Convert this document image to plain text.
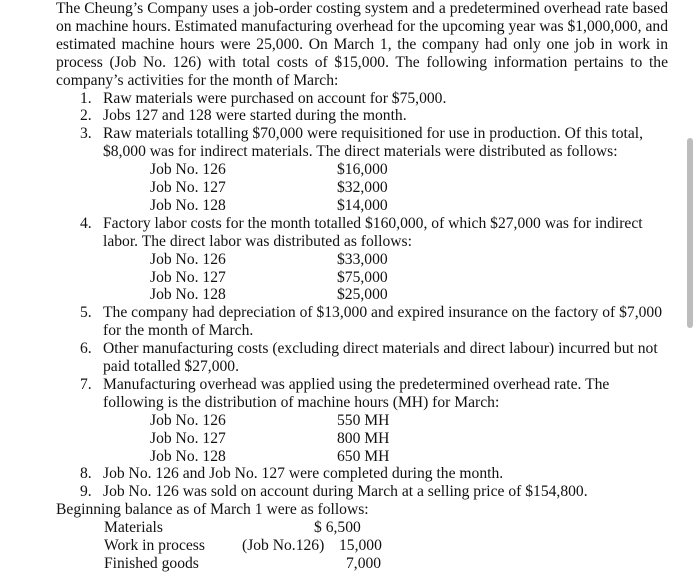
The Cheung’s Company uses a job-order costing system and a predetermined overhead rate based on machine hours. Estimated manufacturing overhead for the upcoming year was $1,000,000, and estimated machine hours were 25,000. On March 1, the company had only one job in work in process (Job No. 126) with total costs of $15,000. The following information pertains to the company’s activities for the month of March:

1. Raw materials were purchased on account for $75,000.
2. Jobs 127 and 128 were started during the month.
3. Raw materials totalling $70,000 were requisitioned for use in production. Of this total, $8,000 was for indirect materials. The direct materials were distributed as follows:
Job No. 126	$16,000
Job No. 127	$32,000
Job No. 128	$14,000
4. Factory labor costs for the month totalled $160,000, of which $27,000 was for indirect labor. The direct labor was distributed as follows:
Job No. 126	$33,000
Job No. 127	$75,000
Job No. 128	$25,000
5. The company had depreciation of $13,000 and expired insurance on the factory of $7,000 for the month of March.
6. Other manufacturing costs (excluding direct materials and direct labour) incurred but not paid totalled $27,000.
7. Manufacturing overhead was applied using the predetermined overhead rate. The following is the distribution of machine hours (MH) for March:
Job No. 126	550 MH
Job No. 127	800 MH
Job No. 128	650 MH
8. Job No. 126 and Job No. 127 were completed during the month.
9. Job No. 126 was sold on account during March at a selling price of $154,800.
Beginning balance as of March 1 were as follows:
Materials	$ 6,500
Work in process (Job No.126) 15,000
Finished goods	7,000
